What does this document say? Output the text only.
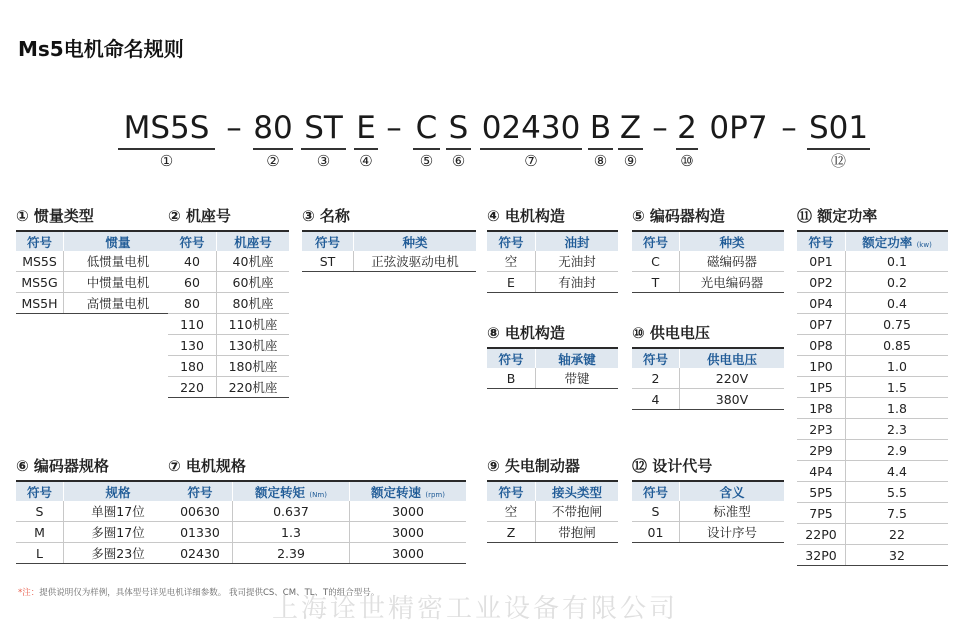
Ms5电机命名规则
MS5S
①
– 80
②
ST
③
E
④
– C
⑤
S
⑥
02430
⑦
B
⑧
Z
⑨
– 2
⑩
0P7 – S01
⑫
① 惯量类型
符号	惯量
MS5S	低惯量电机
MS5G	中惯量电机
MS5H	高惯量电机
② 机座号
符号	机座号
40	40机座
60	60机座
80	80机座
110	110机座
130	130机座
180	180机座
220	220机座
③ 名称
符号	种类
ST	正弦波驱动电机
④ 电机构造
符号	油封
空	无油封
E	有油封
⑤ 编码器构造
符号	种类
C	磁编码器
T	光电编码器
⑪ 额定功率
符号	额定功率 (kw)
0P1	0.1
0P2	0.2
0P4	0.4
0P7	0.75
0P8	0.85
1P0	1.0
1P5	1.5
1P8	1.8
2P3	2.3
2P9	2.9
4P4	4.4
5P5	5.5
7P5	7.5
22P0	22
32P0	32
⑧ 电机构造
符号	轴承键
B	带键
⑩ 供电电压
符号	供电电压
2	220V
4	380V
⑥ 编码器规格
符号	规格
S	单圈17位
M	多圈17位
L	多圈23位
⑦ 电机规格
符号	额定转矩 (Nm)	额定转速 (rpm)
00630	0.637	3000
01330	1.3	3000
02430	2.39	3000
⑨ 失电制动器
符号	接头类型
空	不带抱闸
Z	带抱闸
⑫ 设计代号
符号	含义
S	标准型
01	设计序号
*注：提供说明仅为样例，具体型号详见电机详细参数。 我司提供CS、CM、TL、T的组合型号。
上海诠世精密工业设备有限公司
